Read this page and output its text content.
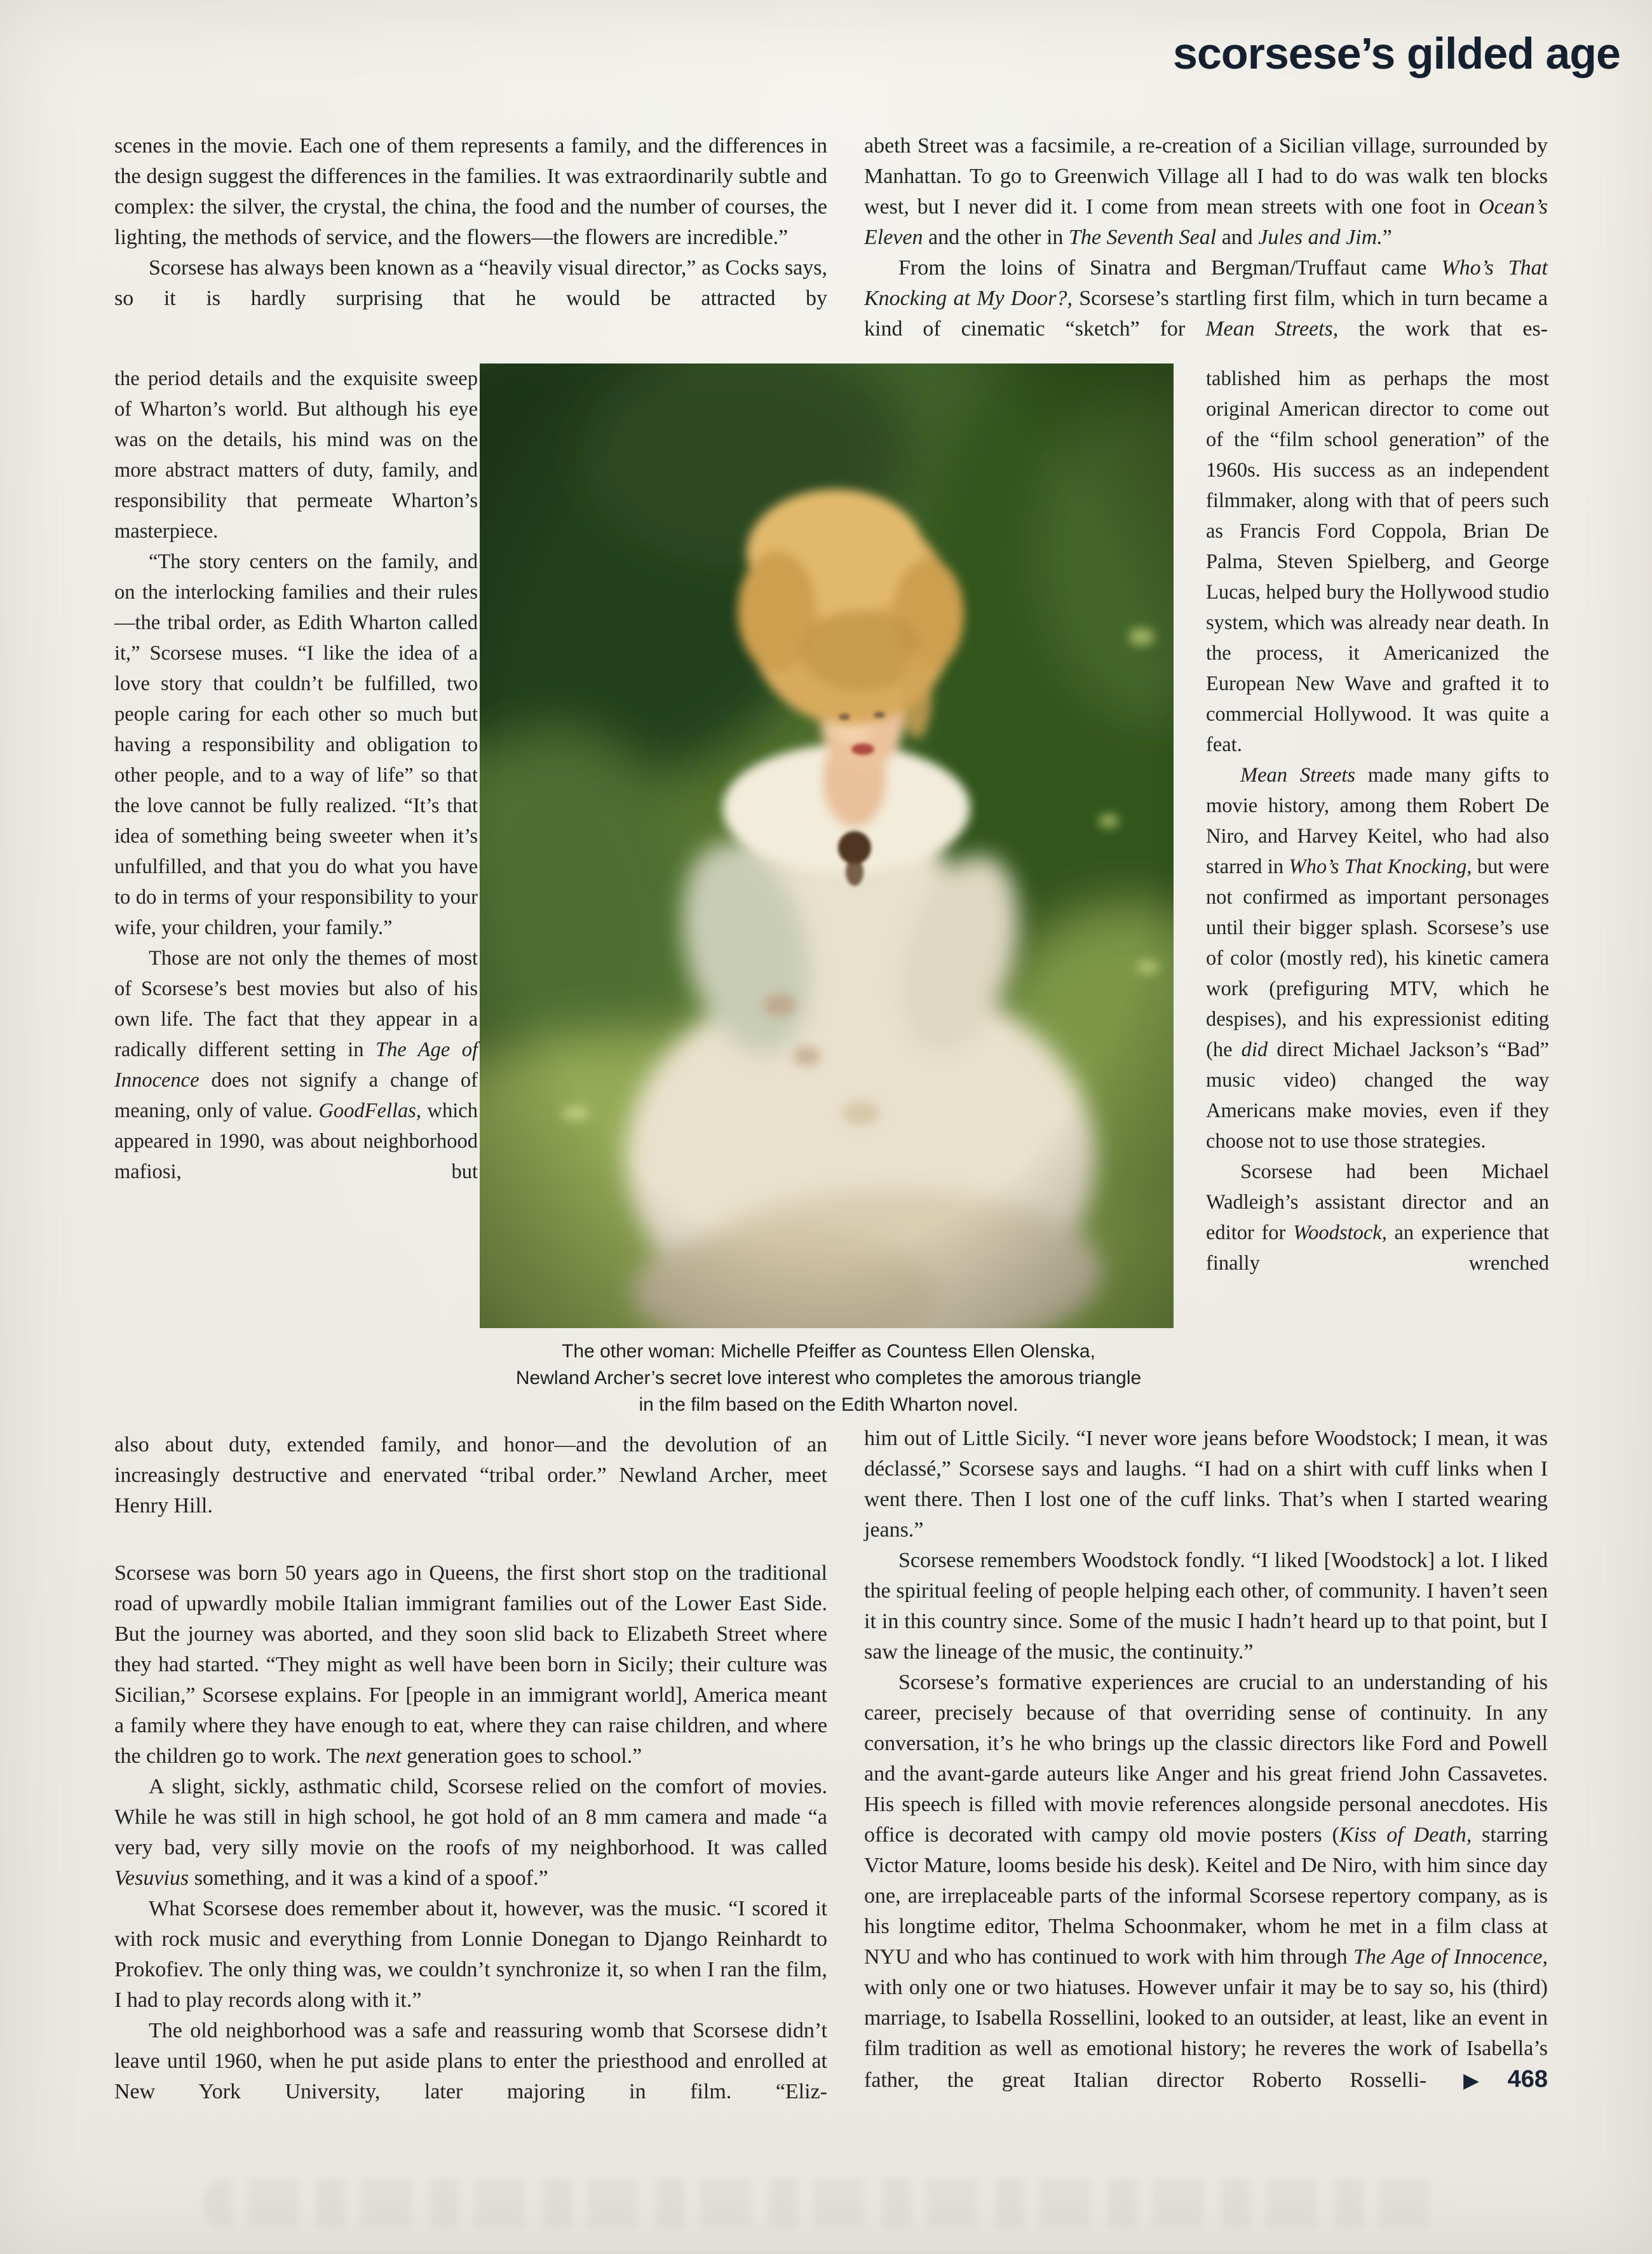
scorsese’s gilded age

scenes in the movie. Each one of them represents a family, and the differences in the design suggest the differences in the families. It was extraordinarily subtle and complex: the silver, the crystal, the china, the food and the number of courses, the lighting, the methods of service, and the flowers—the flowers are incredible.”

Scorsese has always been known as a “heavily visual director,” as Cocks says, so it is hardly surprising that he would be attracted by

abeth Street was a facsimile, a re-creation of a Sicilian village, surrounded by Manhattan. To go to Greenwich Village all I had to do was walk ten blocks west, but I never did it. I come from mean streets with one foot in Ocean’s Eleven and the other in The Seventh Seal and Jules and Jim.”

From the loins of Sinatra and Bergman/Truffaut came Who’s That Knocking at My Door?, Scorsese’s startling first film, which in turn became a kind of cinematic “sketch” for Mean Streets, the work that es-

the period details and the exquisite sweep of Wharton’s world. But although his eye was on the details, his mind was on the more abstract matters of duty, family, and responsibility that permeate Wharton’s masterpiece.

“The story centers on the family, and on the interlocking families and their rules—the tribal order, as Edith Wharton called it,” Scorsese muses. “I like the idea of a love story that couldn’t be fulfilled, two people caring for each other so much but having a responsibility and obligation to other people, and to a way of life” so that the love cannot be fully realized. “It’s that idea of something being sweeter when it’s unfulfilled, and that you do what you have to do in terms of your responsibility to your wife, your children, your family.”

Those are not only the themes of most of Scorsese’s best movies but also of his own life. The fact that they appear in a radically different setting in The Age of Innocence does not signify a change of meaning, only of value. GoodFellas, which appeared in 1990, was about neighborhood mafiosi, but

tablished him as perhaps the most original American director to come out of the “film school generation” of the 1960s. His success as an independent filmmaker, along with that of peers such as Francis Ford Coppola, Brian De Palma, Steven Spielberg, and George Lucas, helped bury the Hollywood studio system, which was already near death. In the process, it Americanized the European New Wave and grafted it to commercial Hollywood. It was quite a feat.

Mean Streets made many gifts to movie history, among them Robert De Niro, and Harvey Keitel, who had also starred in Who’s That Knocking, but were not confirmed as important personages until their bigger splash. Scorsese’s use of color (mostly red), his kinetic camera work (prefiguring MTV, which he despises), and his expressionist editing (he did direct Michael Jackson’s “Bad” music video) changed the way Americans make movies, even if they choose not to use those strategies.

Scorsese had been Michael Wadleigh’s assistant director and an editor for Woodstock, an experience that finally wrenched

The other woman: Michelle Pfeiffer as Countess Ellen Olenska,
Newland Archer’s secret love interest who completes the amorous triangle
in the film based on the Edith Wharton novel.

also about duty, extended family, and honor—and the devolution of an increasingly destructive and enervated “tribal order.” Newland Archer, meet Henry Hill.

Scorsese was born 50 years ago in Queens, the first short stop on the traditional road of upwardly mobile Italian immigrant families out of the Lower East Side. But the journey was aborted, and they soon slid back to Elizabeth Street where they had started. “They might as well have been born in Sicily; their culture was Sicilian,” Scorsese explains. For [people in an immigrant world], America meant a family where they have enough to eat, where they can raise children, and where the children go to work. The next generation goes to school.”

A slight, sickly, asthmatic child, Scorsese relied on the comfort of movies. While he was still in high school, he got hold of an 8 mm camera and made “a very bad, very silly movie on the roofs of my neighborhood. It was called Vesuvius something, and it was a kind of a spoof.”

What Scorsese does remember about it, however, was the music. “I scored it with rock music and everything from Lonnie Donegan to Django Reinhardt to Prokofiev. The only thing was, we couldn’t synchronize it, so when I ran the film, I had to play records along with it.”

The old neighborhood was a safe and reassuring womb that Scorsese didn’t leave until 1960, when he put aside plans to enter the priesthood and enrolled at New York University, later majoring in film. “Eliz-

him out of Little Sicily. “I never wore jeans before Woodstock; I mean, it was déclassé,” Scorsese says and laughs. “I had on a shirt with cuff links when I went there. Then I lost one of the cuff links. That’s when I started wearing jeans.”

Scorsese remembers Woodstock fondly. “I liked [Woodstock] a lot. I liked the spiritual feeling of people helping each other, of community. I haven’t seen it in this country since. Some of the music I hadn’t heard up to that point, but I saw the lineage of the music, the continuity.”

Scorsese’s formative experiences are crucial to an understanding of his career, precisely because of that overriding sense of continuity. In any conversation, it’s he who brings up the classic directors like Ford and Powell and the avant-garde auteurs like Anger and his great friend John Cassavetes. His speech is filled with movie references alongside personal anecdotes. His office is decorated with campy old movie posters (Kiss of Death, starring Victor Mature, looms beside his desk). Keitel and De Niro, with him since day one, are irreplaceable parts of the informal Scorsese repertory company, as is his longtime editor, Thelma Schoonmaker, whom he met in a film class at NYU and who has continued to work with him through The Age of Innocence, with only one or two hiatuses. However unfair it may be to say so, his (third) marriage, to Isabella Rossellini, looked to an outsider, at least, like an event in film tradition as well as emotional history; he reveres the work of Isabella’s father, the great Italian director Roberto Rosselli- ▶ 468
